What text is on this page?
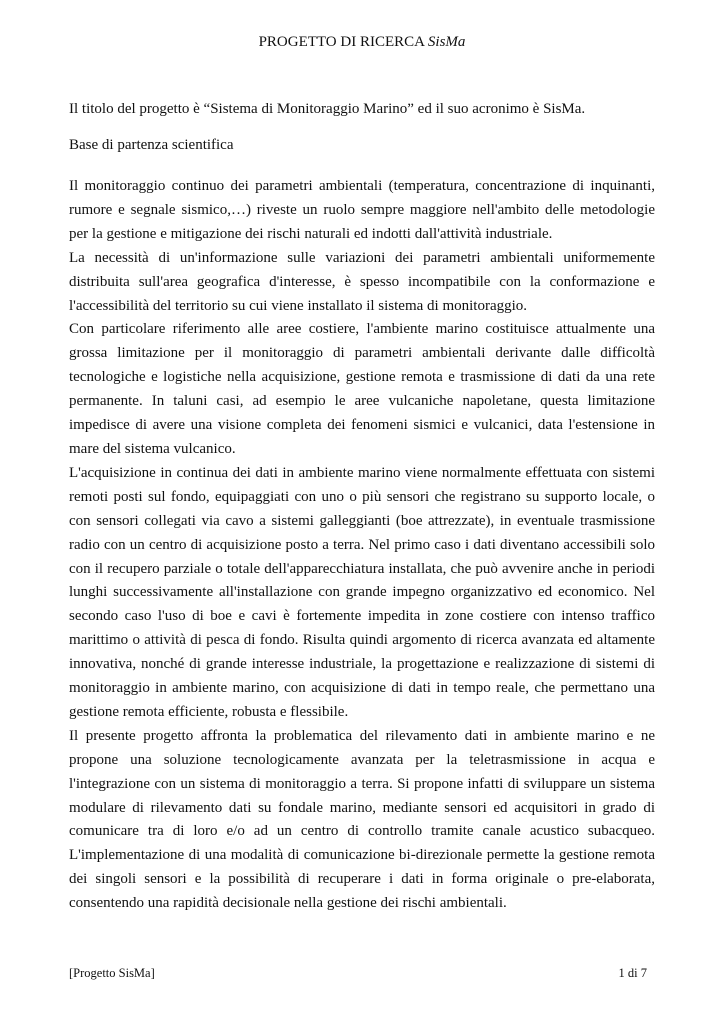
PROGETTO DI RICERCA SisMa

Il titolo del progetto è “Sistema di Monitoraggio Marino” ed il suo acronimo è SisMa.

Base di partenza scientifica

Il monitoraggio continuo dei parametri ambientali (temperatura, concentrazione di inquinanti, rumore e segnale sismico,…) riveste un ruolo sempre maggiore nell'ambito delle metodologie per la gestione e mitigazione dei rischi naturali ed indotti dall'attività industriale.

La necessità di un'informazione sulle variazioni dei parametri ambientali uniformemente distribuita sull'area geografica d'interesse, è spesso incompatibile con la conformazione e l'accessibilità del territorio su cui viene installato il sistema di monitoraggio.

Con particolare riferimento alle aree costiere, l'ambiente marino costituisce attualmente una grossa limitazione per il monitoraggio di parametri ambientali derivante dalle difficoltà tecnologiche e logistiche nella acquisizione, gestione remota e trasmissione di dati da una rete permanente. In taluni casi, ad esempio le aree vulcaniche napoletane, questa limitazione impedisce di avere una visione completa dei fenomeni sismici e vulcanici, data l'estensione in mare del sistema vulcanico.

L'acquisizione in continua dei dati in ambiente marino viene normalmente effettuata con sistemi remoti posti sul fondo, equipaggiati con uno o più sensori che registrano su supporto locale, o con sensori collegati via cavo a sistemi galleggianti (boe attrezzate), in eventuale trasmissione radio con un centro di acquisizione posto a terra. Nel primo caso i dati diventano accessibili solo con il recupero parziale o totale dell'apparecchiatura installata, che può avvenire anche in periodi lunghi successivamente all'installazione con grande impegno organizzativo ed economico. Nel secondo caso l'uso di boe e cavi è fortemente impedita in zone costiere con intenso traffico marittimo o attività di pesca di fondo. Risulta quindi argomento di ricerca avanzata ed altamente innovativa, nonché di grande interesse industriale, la progettazione e realizzazione di sistemi di monitoraggio in ambiente marino, con acquisizione di dati in tempo reale, che permettano una gestione remota efficiente, robusta e flessibile.

Il presente progetto affronta la problematica del rilevamento dati in ambiente marino e ne propone una soluzione tecnologicamente avanzata per la teletrasmissione in acqua e l'integrazione con un sistema di monitoraggio a terra. Si propone infatti di sviluppare un sistema modulare di rilevamento dati su fondale marino, mediante sensori ed acquisitori in grado di comunicare tra di loro e/o ad un centro di controllo tramite canale acustico subacqueo. L'implementazione di una modalità di comunicazione bi-direzionale permette la gestione remota dei singoli sensori e la possibilità di recuperare i dati in forma originale o pre-elaborata, consentendo una rapidità decisionale nella gestione dei rischi ambientali.

[Progetto SisMa]	1 di 7
